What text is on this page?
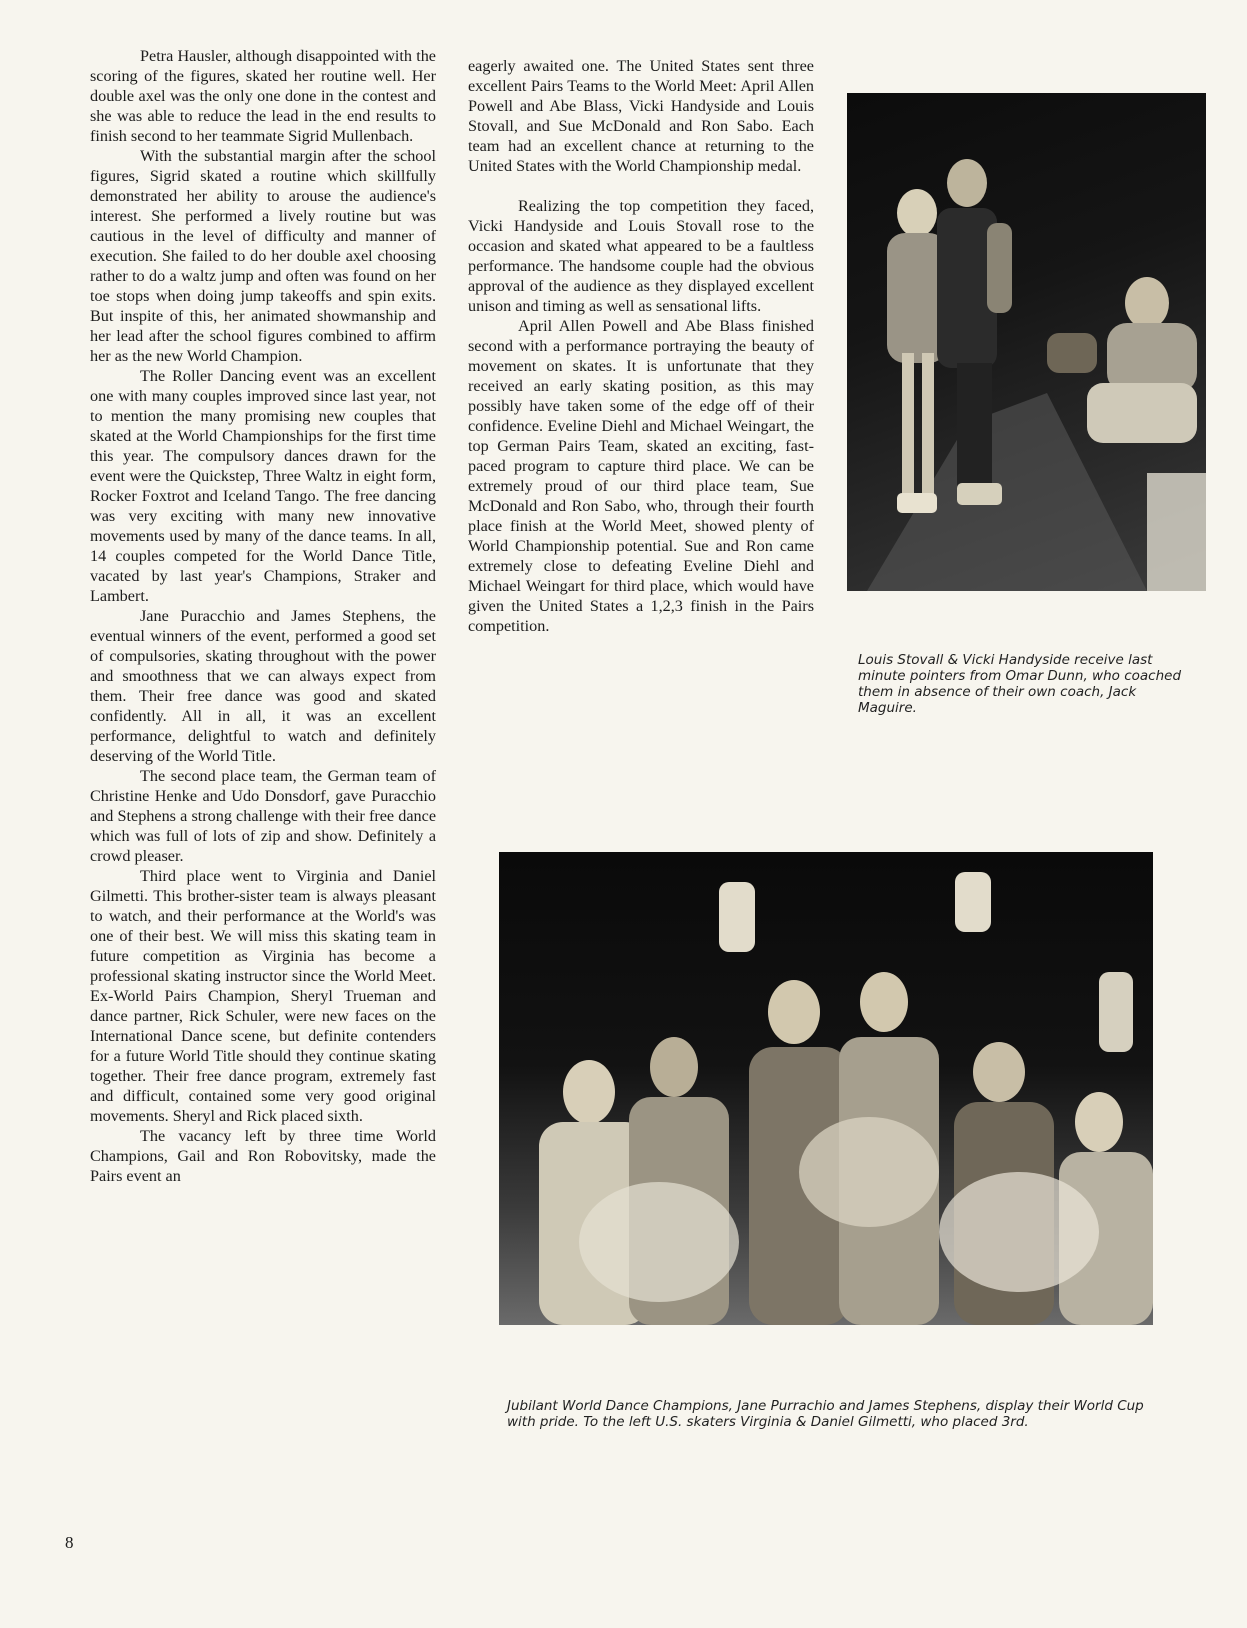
Petra Hausler, although disappointed with the scoring of the figures, skated her routine well. Her double axel was the only one done in the contest and she was able to reduce the lead in the end results to finish second to her teammate Sigrid Mullenbach.

With the substantial margin after the school figures, Sigrid skated a routine which skillfully demonstrated her ability to arouse the audience's interest. She performed a lively routine but was cautious in the level of difficulty and manner of execution. She failed to do her double axel choosing rather to do a waltz jump and often was found on her toe stops when doing jump takeoffs and spin exits. But inspite of this, her animated showmanship and her lead after the school figures combined to affirm her as the new World Champion.

The Roller Dancing event was an excellent one with many couples improved since last year, not to mention the many promising new couples that skated at the World Championships for the first time this year. The compulsory dances drawn for the event were the Quickstep, Three Waltz in eight form, Rocker Foxtrot and Iceland Tango. The free dancing was very exciting with many new innovative movements used by many of the dance teams. In all, 14 couples competed for the World Dance Title, vacated by last year's Champions, Straker and Lambert.

Jane Puracchio and James Stephens, the eventual winners of the event, performed a good set of compulsories, skating throughout with the power and smoothness that we can always expect from them. Their free dance was good and skated confidently. All in all, it was an excellent performance, delightful to watch and definitely deserving of the World Title.

The second place team, the German team of Christine Henke and Udo Donsdorf, gave Puracchio and Stephens a strong challenge with their free dance which was full of lots of zip and show. Definitely a crowd pleaser.

Third place went to Virginia and Daniel Gilmetti. This brother-sister team is always pleasant to watch, and their performance at the World's was one of their best. We will miss this skating team in future competition as Virginia has become a professional skating instructor since the World Meet. Ex-World Pairs Champion, Sheryl Trueman and dance partner, Rick Schuler, were new faces on the International Dance scene, but definite contenders for a future World Title should they continue skating together. Their free dance program, extremely fast and difficult, contained some very good original movements. Sheryl and Rick placed sixth.

The vacancy left by three time World Champions, Gail and Ron Robovitsky, made the Pairs event an

eagerly awaited one. The United States sent three excellent Pairs Teams to the World Meet: April Allen Powell and Abe Blass, Vicki Handyside and Louis Stovall, and Sue McDonald and Ron Sabo. Each team had an excellent chance at returning to the United States with the World Championship medal.

Realizing the top competition they faced, Vicki Handyside and Louis Stovall rose to the occasion and skated what appeared to be a faultless performance. The handsome couple had the obvious approval of the audience as they displayed excellent unison and timing as well as sensational lifts.

April Allen Powell and Abe Blass finished second with a performance portraying the beauty of movement on skates. It is unfortunate that they received an early skating position, as this may possibly have taken some of the edge off of their confidence. Eveline Diehl and Michael Weingart, the top German Pairs Team, skated an exciting, fast-paced program to capture third place. We can be extremely proud of our third place team, Sue McDonald and Ron Sabo, who, through their fourth place finish at the World Meet, showed plenty of World Championship potential. Sue and Ron came extremely close to defeating Eveline Diehl and Michael Weingart for third place, which would have given the United States a 1,2,3 finish in the Pairs competition.

Louis Stovall & Vicki Handyside receive last minute pointers from Omar Dunn, who coached them in absence of their own coach, Jack Maguire.
Jubilant World Dance Champions, Jane Purrachio and James Stephens, display their World Cup with pride. To the left U.S. skaters Virginia & Daniel Gilmetti, who placed 3rd.
8
